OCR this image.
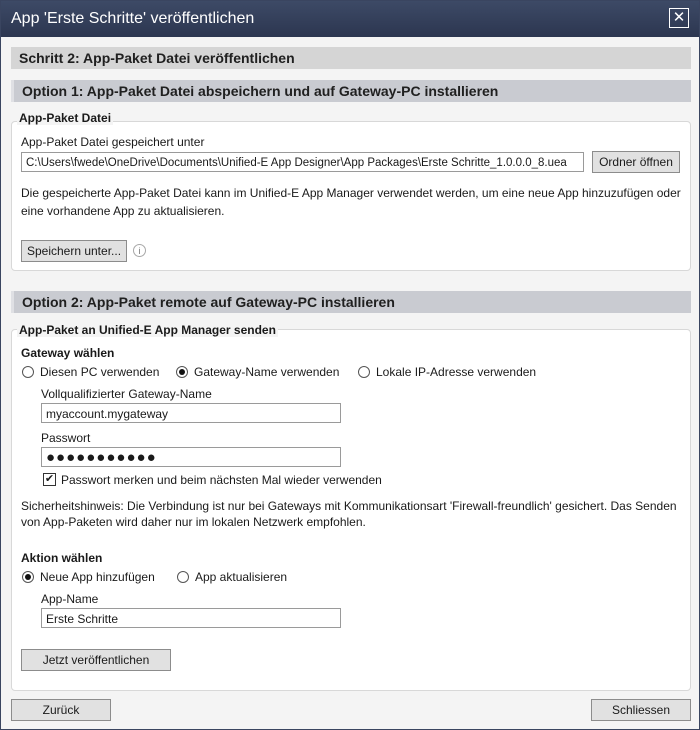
App 'Erste Schritte' veröffentlichen	✕
Schritt 2: App-Paket Datei veröffentlichen
Option 1: App-Paket Datei abspeichern und auf Gateway-PC installieren
App-Paket Datei
App-Paket Datei gespeichert unter
C:\Users\fwede\OneDrive\Documents\Unified-E App Designer\App Packages\Erste Schritte_1.0.0.0_8.uea	Ordner öffnen
Die gespeicherte App-Paket Datei kann im Unified-E App Manager verwendet werden, um eine neue App hinzuzufügen oder eine vorhandene App zu aktualisieren.
Speichern unter...	i
Option 2: App-Paket remote auf Gateway-PC installieren
App-Paket an Unified-E App Manager senden
Gateway wählen
Diesen PC verwenden	Gateway-Name verwenden	Lokale IP-Adresse verwenden
Vollqualifizierter Gateway-Name
myaccount.mygateway
Passwort
●●●●●●●●●●●
✔ Passwort merken und beim nächsten Mal wieder verwenden
Sicherheitshinweis: Die Verbindung ist nur bei Gateways mit Kommunikationsart 'Firewall-freundlich' gesichert. Das Senden von App-Paketen wird daher nur im lokalen Netzwerk empfohlen.
Aktion wählen
Neue App hinzufügen	App aktualisieren
App-Name
Erste Schritte
Jetzt veröffentlichen
Zurück	Schliessen
